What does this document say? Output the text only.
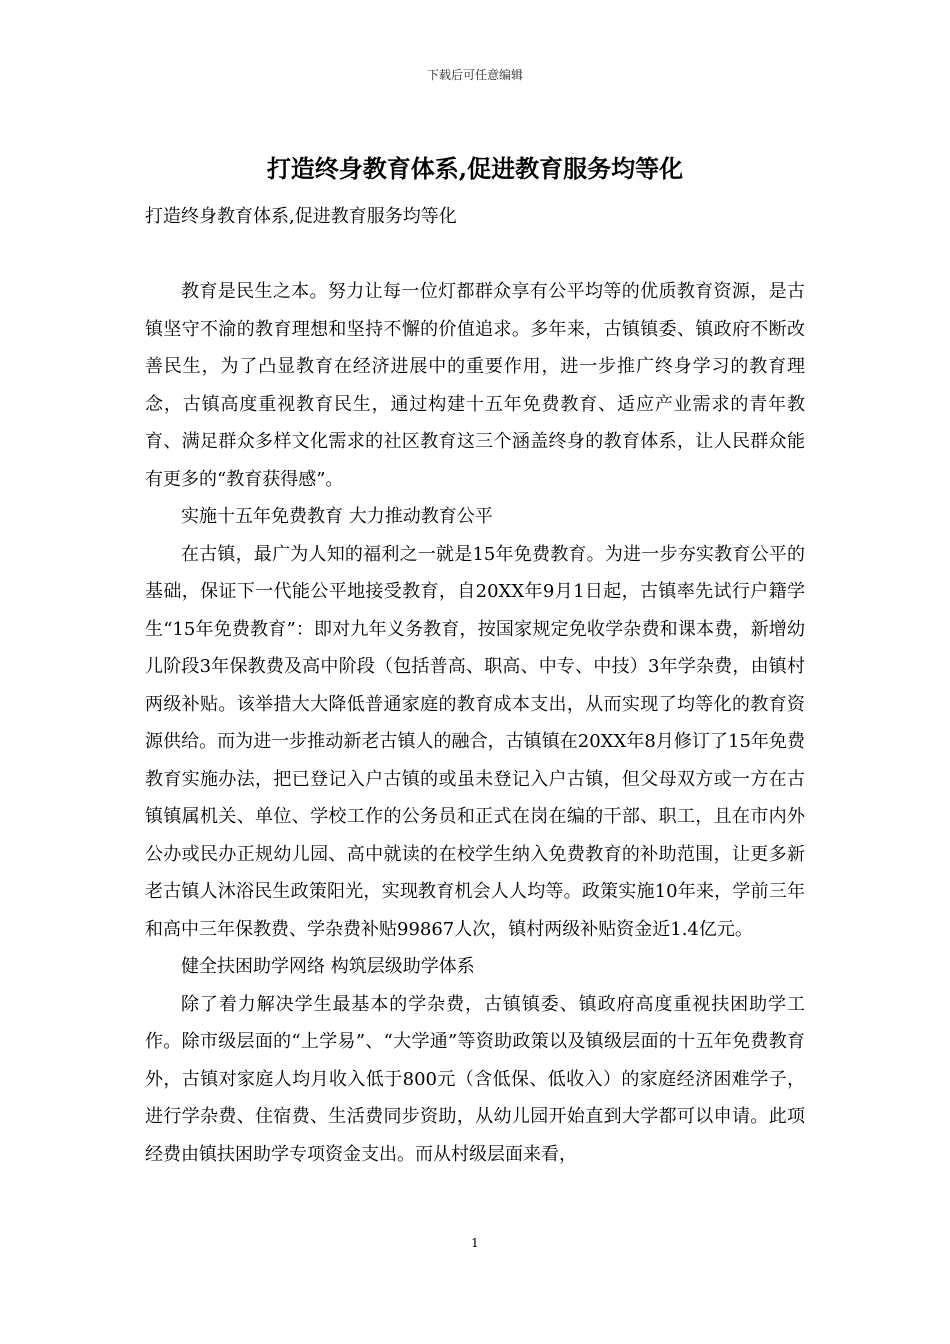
下载后可任意编辑
打造终身教育体系,促进教育服务均等化

打造终身教育体系,促进教育服务均等化

教育是民生之本。努力让每一位灯都群众享有公平均等的优质教育资源，是古镇坚守不渝的教育理想和坚持不懈的价值追求。多年来，古镇镇委、镇政府不断改善民生，为了凸显教育在经济进展中的重要作用，进一步推广终身学习的教育理念，古镇高度重视教育民生，通过构建十五年免费教育、适应产业需求的青年教育、满足群众多样文化需求的社区教育这三个涵盖终身的教育体系，让人民群众能有更多的“教育获得感”。

实施十五年免费教育 大力推动教育公平

在古镇，最广为人知的福利之一就是15年免费教育。为进一步夯实教育公平的基础，保证下一代能公平地接受教育，自20XX年9月1日起，古镇率先试行户籍学生“15年免费教育”：即对九年义务教育，按国家规定免收学杂费和课本费，新增幼儿阶段3年保教费及高中阶段（包括普高、职高、中专、中技）3年学杂费，由镇村两级补贴。该举措大大降低普通家庭的教育成本支出，从而实现了均等化的教育资源供给。而为进一步推动新老古镇人的融合，古镇镇在20XX年8月修订了15年免费教育实施办法，把已登记入户古镇的或虽未登记入户古镇，但父母双方或一方在古镇镇属机关、单位、学校工作的公务员和正式在岗在编的干部、职工，且在市内外公办或民办正规幼儿园、高中就读的在校学生纳入免费教育的补助范围，让更多新老古镇人沐浴民生政策阳光，实现教育机会人人均等。政策实施10年来，学前三年和高中三年保教费、学杂费补贴99867人次，镇村两级补贴资金近1.4亿元。

健全扶困助学网络 构筑层级助学体系

除了着力解决学生最基本的学杂费，古镇镇委、镇政府高度重视扶困助学工作。除市级层面的“上学易”、“大学通”等资助政策以及镇级层面的十五年免费教育外，古镇对家庭人均月收入低于800元（含低保、低收入）的家庭经济困难学子，进行学杂费、住宿费、生活费同步资助，从幼儿园开始直到大学都可以申请。此项经费由镇扶困助学专项资金支出。而从村级层面来看，

1
